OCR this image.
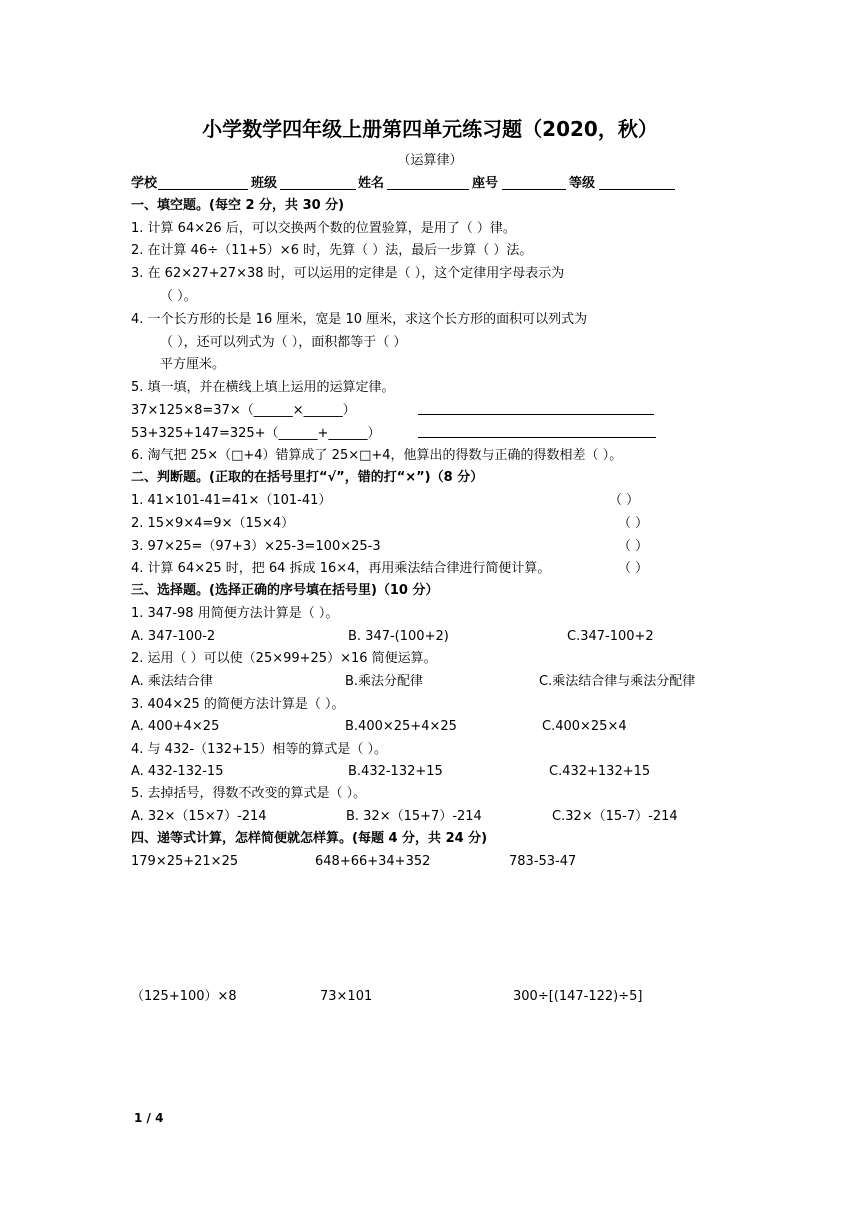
小学数学四年级上册第四单元练习题（2020，秋）
（运算律）
学校	班级	姓名	座号	等级
一、填空题。(每空 2 分，共 30 分)
1. 计算 64×26 后，可以交换两个数的位置验算，是用了（ ）律。
2. 在计算 46÷（11+5）×6 时，先算（ ）法，最后一步算（ ）法。
3. 在 62×27+27×38 时，可以运用的定律是（ ），这个定律用字母表示为
（ ）。
4. 一个长方形的长是 16 厘米，宽是 10 厘米，求这个长方形的面积可以列式为
（ ），还可以列式为（ ），面积都等于（ ）
平方厘米。
5. 填一填，并在横线上填上运用的运算定律。
37×125×8=37×（______×______）
53+325+147=325+（______+______）
6. 淘气把 25×（□+4）错算成了 25×□+4，他算出的得数与正确的得数相差（ ）。
二、判断题。(正取的在括号里打“√”，错的打“×”)（8 分）
1. 41×101-41=41×（101-41）	（ ）
2. 15×9×4=9×（15×4）	（ ）
3. 97×25=（97+3）×25-3=100×25-3	（ ）
4. 计算 64×25 时，把 64 拆成 16×4，再用乘法结合律进行简便计算。	（ ）
三、选择题。(选择正确的序号填在括号里)（10 分）
1. 347-98 用简便方法计算是（ ）。
A. 347-100-2	B. 347-(100+2)	C.347-100+2
2. 运用（ ）可以使（25×99+25）×16 简便运算。
A. 乘法结合律	B.乘法分配律	C.乘法结合律与乘法分配律
3. 404×25 的简便方法计算是（ ）。
A. 400+4×25	B.400×25+4×25	C.400×25×4
4. 与 432-（132+15）相等的算式是（ ）。
A. 432-132-15	B.432-132+15	C.432+132+15
5. 去掉括号，得数不改变的算式是（ ）。
A. 32×（15×7）-214	B. 32×（15+7）-214	C.32×（15-7）-214
四、递等式计算，怎样简便就怎样算。(每题 4 分，共 24 分)
179×25+21×25	648+66+34+352	783-53-47
（125+100）×8	73×101	300÷[(147-122)÷5]
1 / 4
